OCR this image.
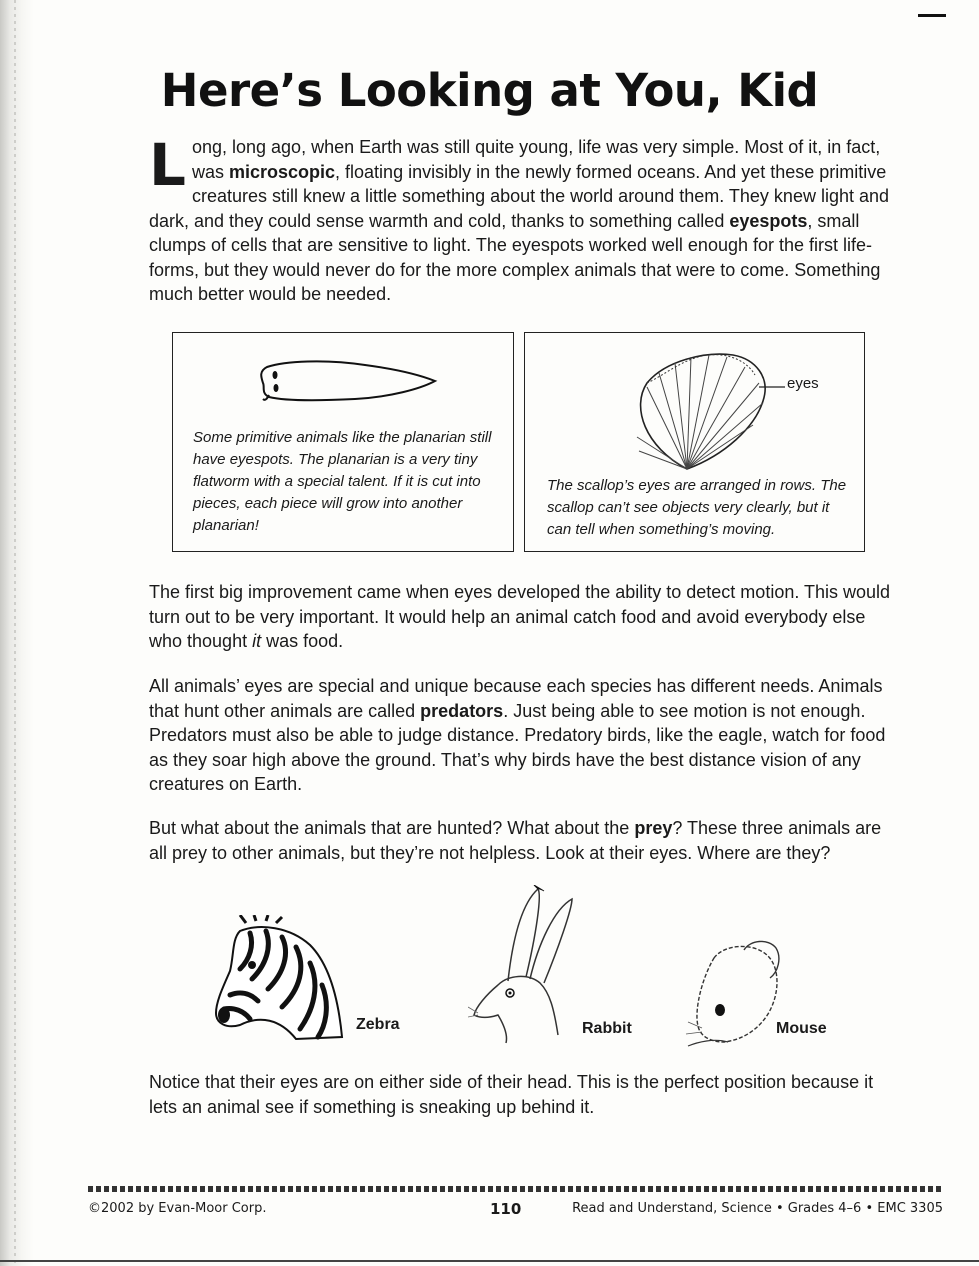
Here’s Looking at You, Kid

Long, long ago, when Earth was still quite young, life was very simple. Most of it, in fact, was microscopic, floating invisibly in the newly formed oceans. And yet these primitive creatures still knew a little something about the world around them. They knew light and dark, and they could sense warmth and cold, thanks to something called eyespots, small clumps of cells that are sensitive to light. The eyespots worked well enough for the first life-forms, but they would never do for the more complex animals that were to come. Something much better would be needed.

Some primitive animals like the planarian still have eyespots. The planarian is a very tiny flatworm with a special talent. If it is cut into pieces, each piece will grow into another planarian!

eyes

The scallop’s eyes are arranged in rows. The scallop can’t see objects very clearly, but it can tell when something’s moving.

The first big improvement came when eyes developed the ability to detect motion. This would turn out to be very important. It would help an animal catch food and avoid everybody else who thought it was food.

All animals’ eyes are special and unique because each species has different needs. Animals that hunt other animals are called predators. Just being able to see motion is not enough. Predators must also be able to judge distance. Predatory birds, like the eagle, watch for food as they soar high above the ground. That’s why birds have the best distance vision of any creatures on Earth.

But what about the animals that are hunted? What about the prey? These three animals are all prey to other animals, but they’re not helpless. Look at their eyes. Where are they?

Zebra	Rabbit	Mouse

Notice that their eyes are on either side of their head. This is the perfect position because it lets an animal see if something is sneaking up behind it.

©2002 by Evan-Moor Corp.	110	Read and Understand, Science • Grades 4–6 • EMC 3305
